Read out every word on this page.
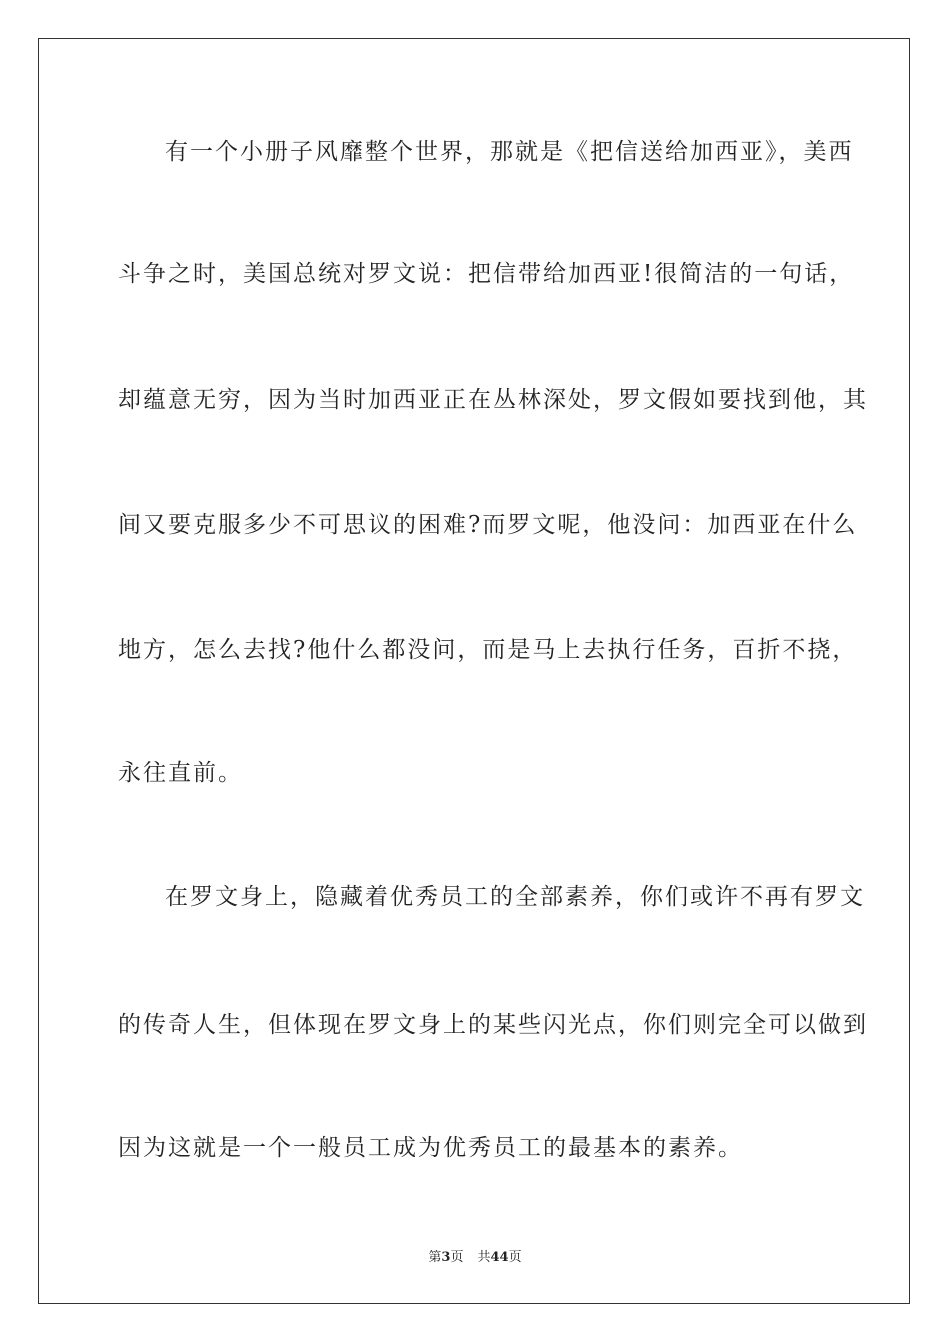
有一个小册子风靡整个世界，那就是《把信送给加西亚》，美西
斗争之时，美国总统对罗文说：把信带给加西亚!很简洁的一句话，
却蕴意无穷，因为当时加西亚正在丛林深处，罗文假如要找到他，其
间又要克服多少不可思议的困难?而罗文呢，他没问：加西亚在什么
地方，怎么去找?他什么都没问，而是马上去执行任务，百折不挠，
永往直前。
在罗文身上，隐藏着优秀员工的全部素养，你们或许不再有罗文
的传奇人生，但体现在罗文身上的某些闪光点，你们则完全可以做到
因为这就是一个一般员工成为优秀员工的最基本的素养。
第3页 共44页
